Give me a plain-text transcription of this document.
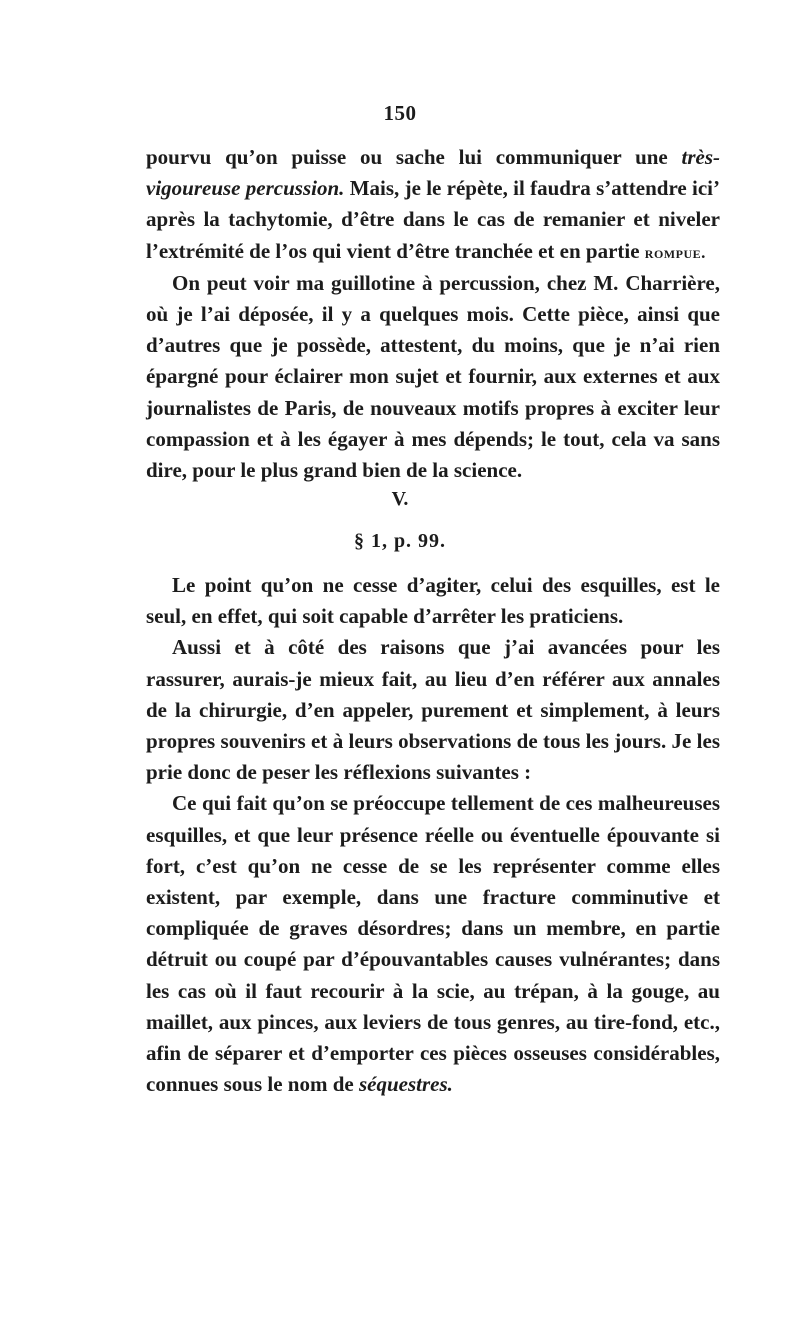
150

pourvu qu’on puisse ou sache lui communiquer une très-vigoureuse percussion. Mais, je le répète, il faudra s’attendre ici’ après la tachytomie, d’être dans le cas de remanier et niveler l’extrémité de l’os qui vient d’être tranchée et en partie rompue.

On peut voir ma guillotine à percussion, chez M. Charrière, où je l’ai déposée, il y a quelques mois. Cette pièce, ainsi que d’autres que je possède, attestent, du moins, que je n’ai rien épargné pour éclairer mon sujet et fournir, aux externes et aux journalistes de Paris, de nouveaux motifs propres à exciter leur compassion et à les égayer à mes dépends; le tout, cela va sans dire, pour le plus grand bien de la science.

V.
§ 1, p. 99.

Le point qu’on ne cesse d’agiter, celui des esquilles, est le seul, en effet, qui soit capable d’arrêter les praticiens.

Aussi et à côté des raisons que j’ai avancées pour les rassurer, aurais-je mieux fait, au lieu d’en référer aux annales de la chirurgie, d’en appeler, purement et simplement, à leurs propres souvenirs et à leurs observations de tous les jours. Je les prie donc de peser les réflexions suivantes :

Ce qui fait qu’on se préoccupe tellement de ces malheureuses esquilles, et que leur présence réelle ou éventuelle épouvante si fort, c’est qu’on ne cesse de se les représenter comme elles existent, par exemple, dans une fracture comminutive et compliquée de graves désordres; dans un membre, en partie détruit ou coupé par d’épouvantables causes vulnérantes; dans les cas où il faut recourir à la scie, au trépan, à la gouge, au maillet, aux pinces, aux leviers de tous genres, au tire-fond, etc., afin de séparer et d’emporter ces pièces osseuses considérables, connues sous le nom de séquestres.
